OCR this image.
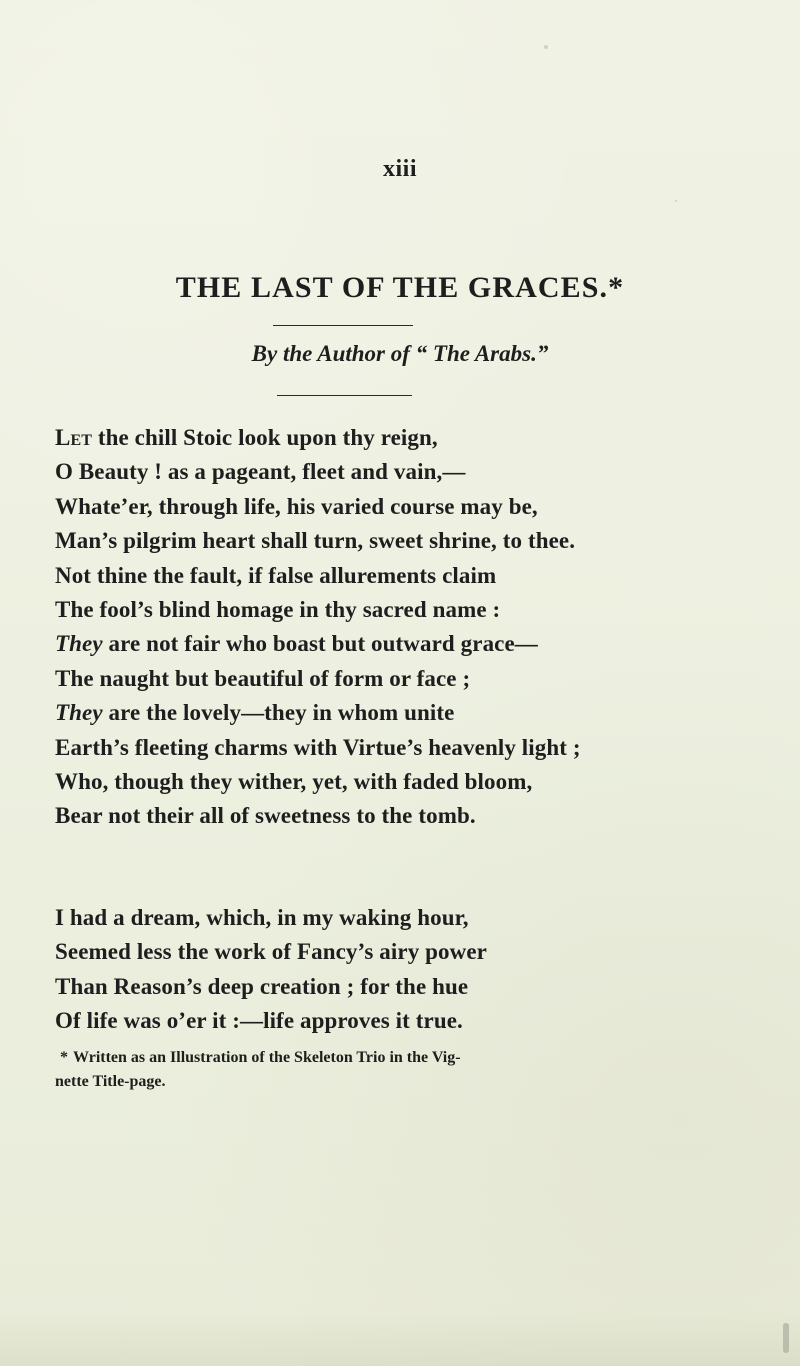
xiii
THE LAST OF THE GRACES.*
By the Author of “ The Arabs.”
Let the chill Stoic look upon thy reign,
O Beauty ! as a pageant, fleet and vain,—
Whate’er, through life, his varied course may be,
Man’s pilgrim heart shall turn, sweet shrine, to thee.
Not thine the fault, if false allurements claim
The fool’s blind homage in thy sacred name :
They are not fair who boast but outward grace—
The naught but beautiful of form or face ;
They are the lovely—they in whom unite
Earth’s fleeting charms with Virtue’s heavenly light ;
Who, though they wither, yet, with faded bloom,
Bear not their all of sweetness to the tomb.
I had a dream, which, in my waking hour,
Seemed less the work of Fancy’s airy power
Than Reason’s deep creation ; for the hue
Of life was o’er it :—life approves it true.
* Written as an Illustration of the Skeleton Trio in the Vig-
nette Title-page.
